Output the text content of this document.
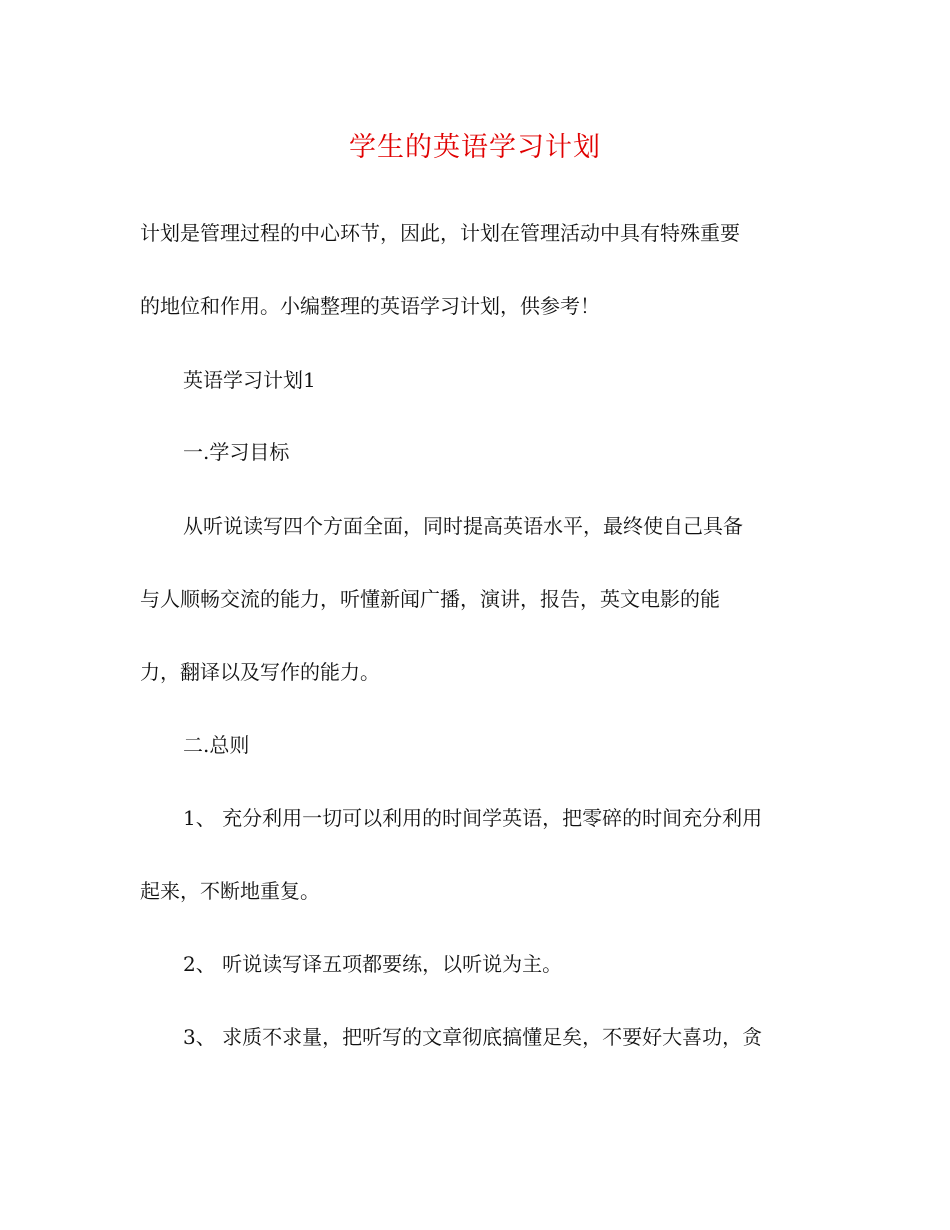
学生的英语学习计划
计划是管理过程的中心环节，因此，计划在管理活动中具有特殊重要
的地位和作用。小编整理的英语学习计划，供参考！
英语学习计划1
一.学习目标
从听说读写四个方面全面，同时提高英语水平，最终使自己具备
与人顺畅交流的能力，听懂新闻广播，演讲，报告，英文电影的能
力，翻译以及写作的能力。
二.总则
1、 充分利用一切可以利用的时间学英语，把零碎的时间充分利用
起来，不断地重复。
2、 听说读写译五项都要练，以听说为主。
3、 求质不求量，把听写的文章彻底搞懂足矣，不要好大喜功，贪
